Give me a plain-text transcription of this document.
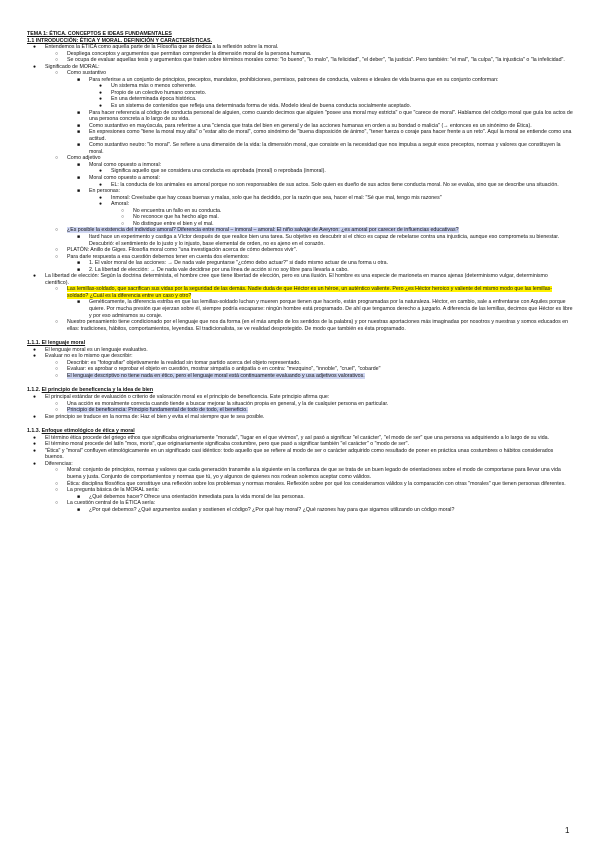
TEMA 1: ÉTICA. CONCEPTOS E IDEAS FUNDAMENTALES
1.1 INTRODUCCIÓN: ÉTICA Y MORAL. DEFINICIÓN Y CARACTERÍSTICAS.
● Entendemos la ÉTICA como aquella parte de la Filosofía que se dedica a la reflexión sobre la moral.
○ Despliega conceptos y argumentos que permitan comprender la dimensión moral de la persona humana.
○ Se ocupa de evaluar aquellas tesis y argumentos que traten sobre términos morales como: "lo bueno", "lo malo", "la felicidad", "el deber", "la justicia". Pero también: "el mal", "la culpa", "la injusticia" o "la infelicidad".
● Significado de MORAL:
○ Como sustantivo
■ Para referirse a un conjunto de principios, preceptos, mandatos, prohibiciones, permisos, patrones de conducta, valores e ideales de vida buena que en su conjunto conforman:
● Un sistema más o menos coherente.
● Propio de un colectivo humano concreto.
● En una determinada época histórica.
● Es un sistema de contenidos que refleja una determinada forma de vida. Modelo ideal de buena conducta socialmente aceptado.
■ Para hacer referencia al código de conducta personal de alguien, como cuando decimos que alguien "posee una moral muy estricta" o que "carece de moral". Hablamos del código moral que guía los actos de una persona concreta a lo largo de su vida.
■ Como sustantivo en mayúscula, para referirse a una "ciencia que trata del bien en general y de las acciones humanas en orden a su bondad o malicia" (→ entonces es un sinónimo de Ética).
■ En expresiones como "tiene la moral muy alta" o "estar alto de moral", como sinónimo de "buena disposición de ánimo", "tener fuerza o coraje para hacer frente a un reto". Aquí la moral se entiende como una actitud.
■ Como sustantivo neutro: "lo moral". Se refiere a una dimensión de la vida: la dimensión moral, que consiste en la necesidad que nos impulsa a seguir esos preceptos, normas y valores que constituyen la moral.
○ Como adjetivo
■ Moral como opuesto a inmoral:
● Significa aquello que se considera una conducta es aprobada (moral) o reprobada (inmoral).
■ Moral como opuesto a amoral:
● EL: la conducta de los animales es amoral porque no son responsables de sus actos. Solo quien es dueño de sus actos tiene conducta moral. No se evalúa, sino que se describe una situación.
■ En personas:
● Inmoral: Cree/sabe que hay cosas buenas y malas, solo que ha decidido, por la razón que sea, hacer el mal: "Sé que mal, tengo mis razones"
● Amoral:
○ No encuentra un fallo en su conducta.
○ No reconoce que ha hecho algo mal.
○ No distingue entre el bien y el mal.
○ ¿Es posible la existencia del individuo amoral? Diferencia entre moral – inmoral – amoral: El niño salvaje de Aveyron: ¿es amoral por carecer de influencias educativas?
■ Itard hace un experimento y castiga a Víctor después de que realice bien una tarea. Su objetivo es descubrir si el chico es capaz de rebelarse contra una injusticia, aunque eso comprometa su bienestar. Descubrió: el sentimiento de lo justo y lo injusto, base elemental de orden, no es ajeno en el corazón.
○ PLATÓN: Anillo de Giges. Filosofía moral como "una investigación acerca de cómo debemos vivir".
○ Para darle respuesta a esa cuestión debemos tener en cuenta dos elementos:
■ 1. El valor moral de las acciones: → De nada vale preguntarse "¿cómo debo actuar?" si dado mismo actuar de una forma u otra.
■ 2. La libertad de elección: → De nada vale decidirse por una línea de acción si no soy libre para llevarla a cabo.
● La libertad de elección: Según la doctrina determinista, el hombre cree que tiene libertad de elección, pero es una ilusión. El hombre es una especie de marioneta en manos ajenas (determinismo vulgar, determinismo científico).
○ Las lemillas-soldado, que sacrifican sus vidas por la seguridad de las demás. Nadie duda de que Héctor es un héroe, un auténtico valiente. Pero ¿es Héctor heroico y valiente del mismo modo que las lemillas-soldado? ¿Cuál es la diferencia entre un caso y otro?
■ Genéticamente, la diferencia estriba en que las lemillas-soldado luchan y mueren porque tienen que hacerlo, están programadas por la naturaleza. Héctor, en cambio, sale a enfrentarse con Aquiles porque quiere. Por mucha presión que ejerzan sobre él, siempre podría escaparse: ningún hombre está programado. De ahí que tengamos derecho a juzgarlo. A diferencia de las lemillas, decimos que Héctor es libre y por eso admiramos su coraje.
○ Nuestro pensamiento tiene condicionado por el lenguaje que nos da forma (en el más amplio de los sentidos de la palabra) y por nuestras aportaciones más imaginadas por nosotros y nuestras y somos educados en ellas: tradiciones, hábitos, comportamientos, leyendas. El tradicionalista, se ve realidad desprotegido. De modo que también es ésta programado.
1.1.1. El lenguaje moral
● El lenguaje moral es un lenguaje evaluativo.
● Evaluar no es lo mismo que describir:
○ Describir: es "fotografiar" objetivamente la realidad sin tomar partido acerca del objeto representado.
○ Evaluar: es aprobar o reprobar el objeto en cuestión, mostrar simpatía o antipatía o en contra: "mezquino", "innoble", "cruel", "cobarde"
○ El lenguaje descriptivo no tiene nada en ético, pero el lenguaje moral está continuamente evaluando y usa adjetivos valorativos.
1.1.2. El principio de beneficencia y la idea de bien
● El principal estándar de evaluación o criterio de valoración moral es el principio de beneficencia. Este principio afirma que:
○ Una acción es moralmente correcta cuando tiende a buscar mejorar la situación propia en general, y la de cualquier persona en particular.
○ Principio de beneficencia: Principio fundamental de todo de todo, el beneficio.
● Ese principio se traduce en la norma de: Haz el bien y evita el mal siempre que te sea posible.
1.1.3. Enfoque etimológico de ética y moral
● El término ética procede del griego ethos que significaba originariamente "morada", "lugar en el que vivimos", y así pasó a significar "el carácter", "el modo de ser" que una persona va adquiriendo a lo largo de su vida.
● El término moral procede del latín "mos, moris", que originariamente significaba costumbre, pero que pasó a significar también "el carácter" o "modo de ser".
● "Ética" y "moral" confluyen etimológicamente en un significado casi idéntico: todo aquello que se refiere al modo de ser o carácter adquirido como resultado de poner en práctica unas costumbres o hábitos considerados buenos.
● Diferencias:
○ Moral: conjunto de principios, normas y valores que cada generación transmite a la siguiente en la confianza de que se trata de un buen legado de orientaciones sobre el modo de comportarse para llevar una vida buena y justa. Conjunto de comportamientos y normas que tú, yo y algunos de quienes nos rodean solemos aceptar como válidos.
○ Ética: disciplina filosófica que constituye una reflexión sobre los problemas y normas morales. Reflexión sobre por qué los consideramos válidos y la comparación con otras "morales" que tienen personas diferentes.
○ La pregunta básica de la MORAL sería:
■ ¿Qué debemos hacer? Ofrece una orientación inmediata para la vida moral de las personas.
○ La cuestión central de la ÉTICA sería:
■ ¿Por qué debemos? ¿Qué argumentos avalan y sostienen el código? ¿Por qué hay moral? ¿Qué razones hay para que sigamos utilizando un código moral?
1
